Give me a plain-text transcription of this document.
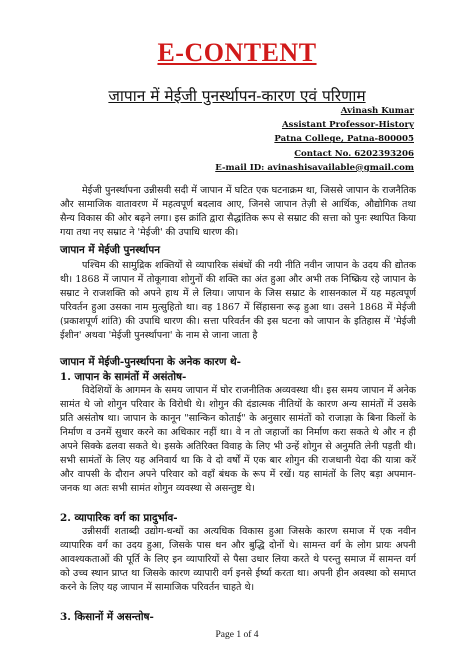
E-CONTENT
जापान में मेईजी पुनर्स्थापन-कारण एवं परिणाम
Avinash Kumar
Assistant Professor-History
Patna College, Patna-800005
Contact No. 6202393206
E-mail ID: avinashisavailable@gmail.com
मेईजी पुनर्स्थापना उन्नीसवी सदी में जापान में घटित एक घटनाक्रम था, जिससे जापान के राजनैतिक और सामाजिक वातावरण में महत्वपूर्ण बदलाव आए, जिनसे जापान तेज़ी से आर्थिक, औद्योगिक तथा सैन्य विकास की ओर बढ़ने लगा। इस क्रांति द्वारा सैद्धांतिक रूप से सम्राट की सत्ता को पुनः स्थापित किया गया तथा नए सम्राट ने 'मेईजी' की उपाधि धारण की।
जापान में मेईजी पुनर्स्थापन
पश्चिम की सामुद्रिक शक्तियों से व्यापारिक संबंधों की नयी नीति नवीन जापान के उदय की द्योतक थी। 1868 में जापान में तोकूगावा शोगुनों की शक्ति का अंत हुआ और अभी तक निष्क्रिय रहे जापान के सम्राट ने राजशक्ति को अपने हाथ में ले लिया। जापान के जिस सम्राट के शासनकाल में यह महत्वपूर्ण परिवर्तन हुआ उसका नाम मुत्सुहितो था। वह 1867 में सिंहासना रूढ़ हुआ था। उसने 1868 में मेईजी (प्रकाशपूर्ण शांति) की उपाधि धारण की। सत्ता परिवर्तन की इस घटना को जापान के इतिहास में 'मेईजी ईशीन' अथवा 'मेईजी पुनर्स्थापना' के नाम से जाना जाता है
जापान में मेईजी-पुनर्स्थापना के अनेक कारण थे-
1. जापान के सामंतों में असंतोष-
विदेशियों के आगमन के समय जापान में घोर राजनीतिक अव्यवस्था थी। इस समय जापान में अनेक सामंत थे जो शोगुन परिवार के विरोधी थे। शोगुन की दंडात्मक नीतियों के कारण अन्य सामंतों में उसके प्रति असंतोष था। जापान के कानून "सान्किन कोताई" के अनुसार सामंतों को राजाज्ञा के बिना किलों के निर्माण व उनमें सुधार करने का अधिकार नहीं था। वे न तो जहाजों का निर्माण करा सकते थे और न ही अपने सिक्के ढलवा सकते थे। इसके अतिरिक्त विवाह के लिए भी उन्हें शोगुन से अनुमति लेनी पड़ती थी। सभी सामंतों के लिए यह अनिवार्य था कि वे दो वर्षों में एक बार शोगुन की राजधानी येदा की यात्रा करें और वापसी के दौरान अपने परिवार को वहाँ बंधक के रूप में रखें। यह सामंतों के लिए बड़ा अपमान-जनक था अतः सभी सामंत शोगुन व्यवस्था से असन्तुष्ट थे।
2. व्यापारिक वर्ग का प्रादुर्भाव-
उन्नीसवीं शताब्दी उद्योग-धन्धों का अत्यधिक विकास हुआ जिसके कारण समाज में एक नवीन व्यापारिक वर्ग का उदय हुआ, जिसके पास धन और बुद्धि दोनों थे। सामन्त वर्ग के लोग प्रायः अपनी आवश्यकताओं की पूर्ति के लिए इन व्यापारियों से पैसा उधार लिया करते थे परन्तु समाज में सामन्त वर्ग को उच्च स्थान प्राप्त था जिसके कारण व्यापारी वर्ग इनसे ईर्ष्या करता था। अपनी हीन अवस्था को समाप्त करने के लिए यह जापान में सामाजिक परिवर्तन चाहते थे।
3. किसानों में असन्तोष-
Page 1 of 4
